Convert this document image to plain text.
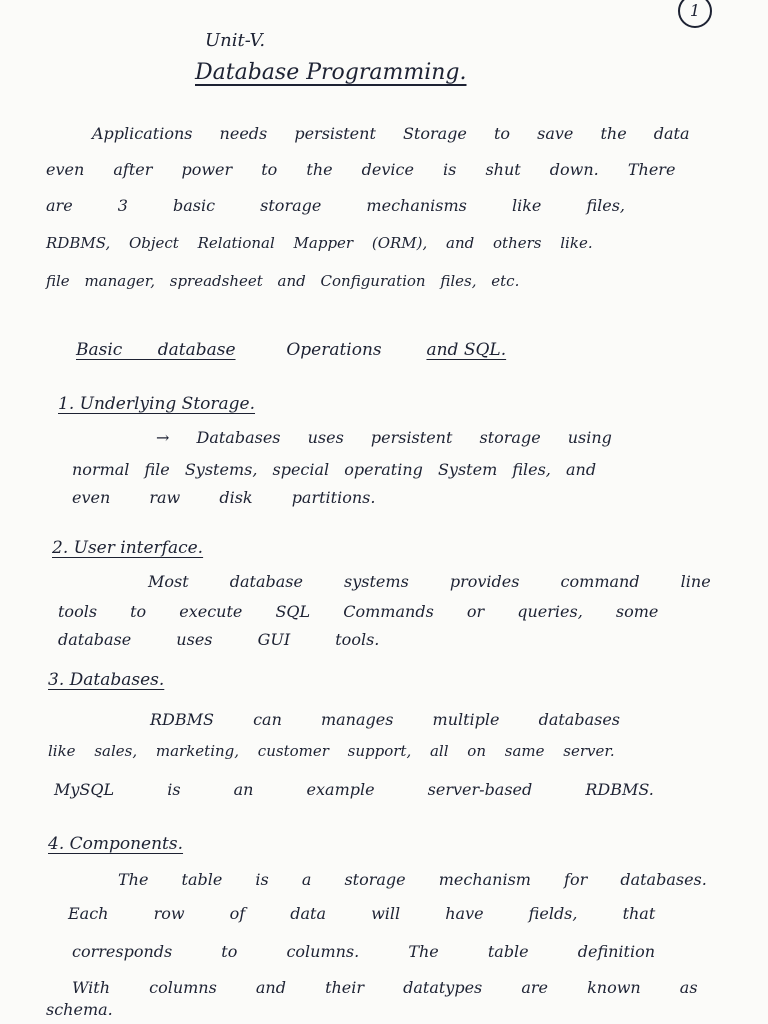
1
Unit-V.
Database Programming.
Applications needs persistent Storage to save the data
even after power to the device is shut down. There
are 3 basic storage mechanisms like files,
RDBMS, Object Relational Mapper (ORM), and others like.
file manager, spreadsheet and Configuration files, etc.
Basic database	Operations	and SQL.
1. Underlying Storage.
→ Databases uses persistent storage using
normal file Systems, special operating System files, and
even raw disk partitions.
2. User interface.
Most database systems provides command line
tools to execute SQL Commands or queries, some
database uses GUI tools.
3. Databases.
RDBMS can manages multiple databases
like sales, marketing, customer support, all on same server.
MySQL is an example server-based RDBMS.
4. Components.
The table is a storage mechanism for databases.
Each row of data will have fields, that
corresponds to columns. The table definition
With columns and their datatypes are known as
schema.
